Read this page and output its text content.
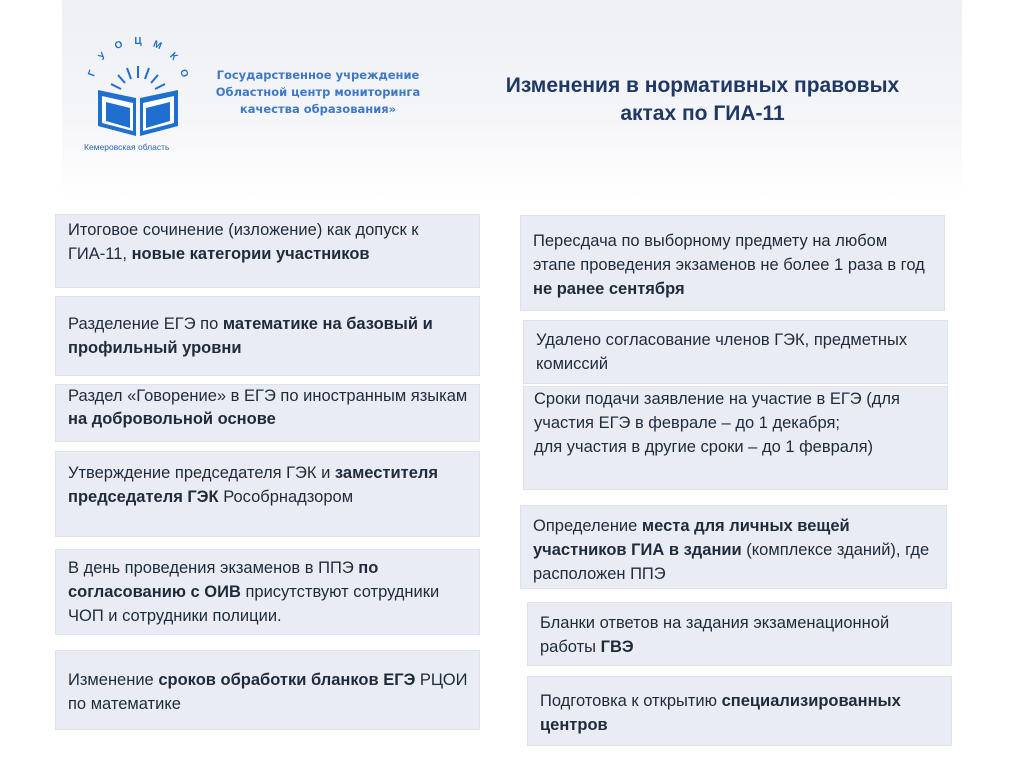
Г
У
О Ц М
К
О
Кемеровская область
Государственное учреждение
Областной центр мониторинга
качества образования»
Изменения в нормативных правовых
актах по ГИА-11
Итоговое сочинение (изложение) как допуск к ГИА-11, новые категории участников
Разделение ЕГЭ по математике на базовый и профильный уровни
Раздел «Говорение» в ЕГЭ по иностранным языкам на добровольной основе
Утверждение председателя ГЭК и заместителя председателя ГЭК Рособрнадзором
В день проведения экзаменов в ППЭ по согласованию с ОИВ присутствуют сотрудники ЧОП и сотрудники полиции.
Изменение сроков обработки бланков ЕГЭ РЦОИ по математике
Пересдача по выборному предмету на любом этапе проведения экзаменов не более 1 раза в год не ранее сентября
Удалено согласование членов ГЭК, предметных комиссий
Сроки подачи заявление на участие в ЕГЭ (для участия ЕГЭ в феврале – до 1 декабря;
для участия в другие сроки – до 1 февраля)
Определение места для личных вещей участников ГИА в здании (комплексе зданий), где расположен ППЭ
Бланки ответов на задания экзаменационной работы ГВЭ
Подготовка к открытию специализированных центров
